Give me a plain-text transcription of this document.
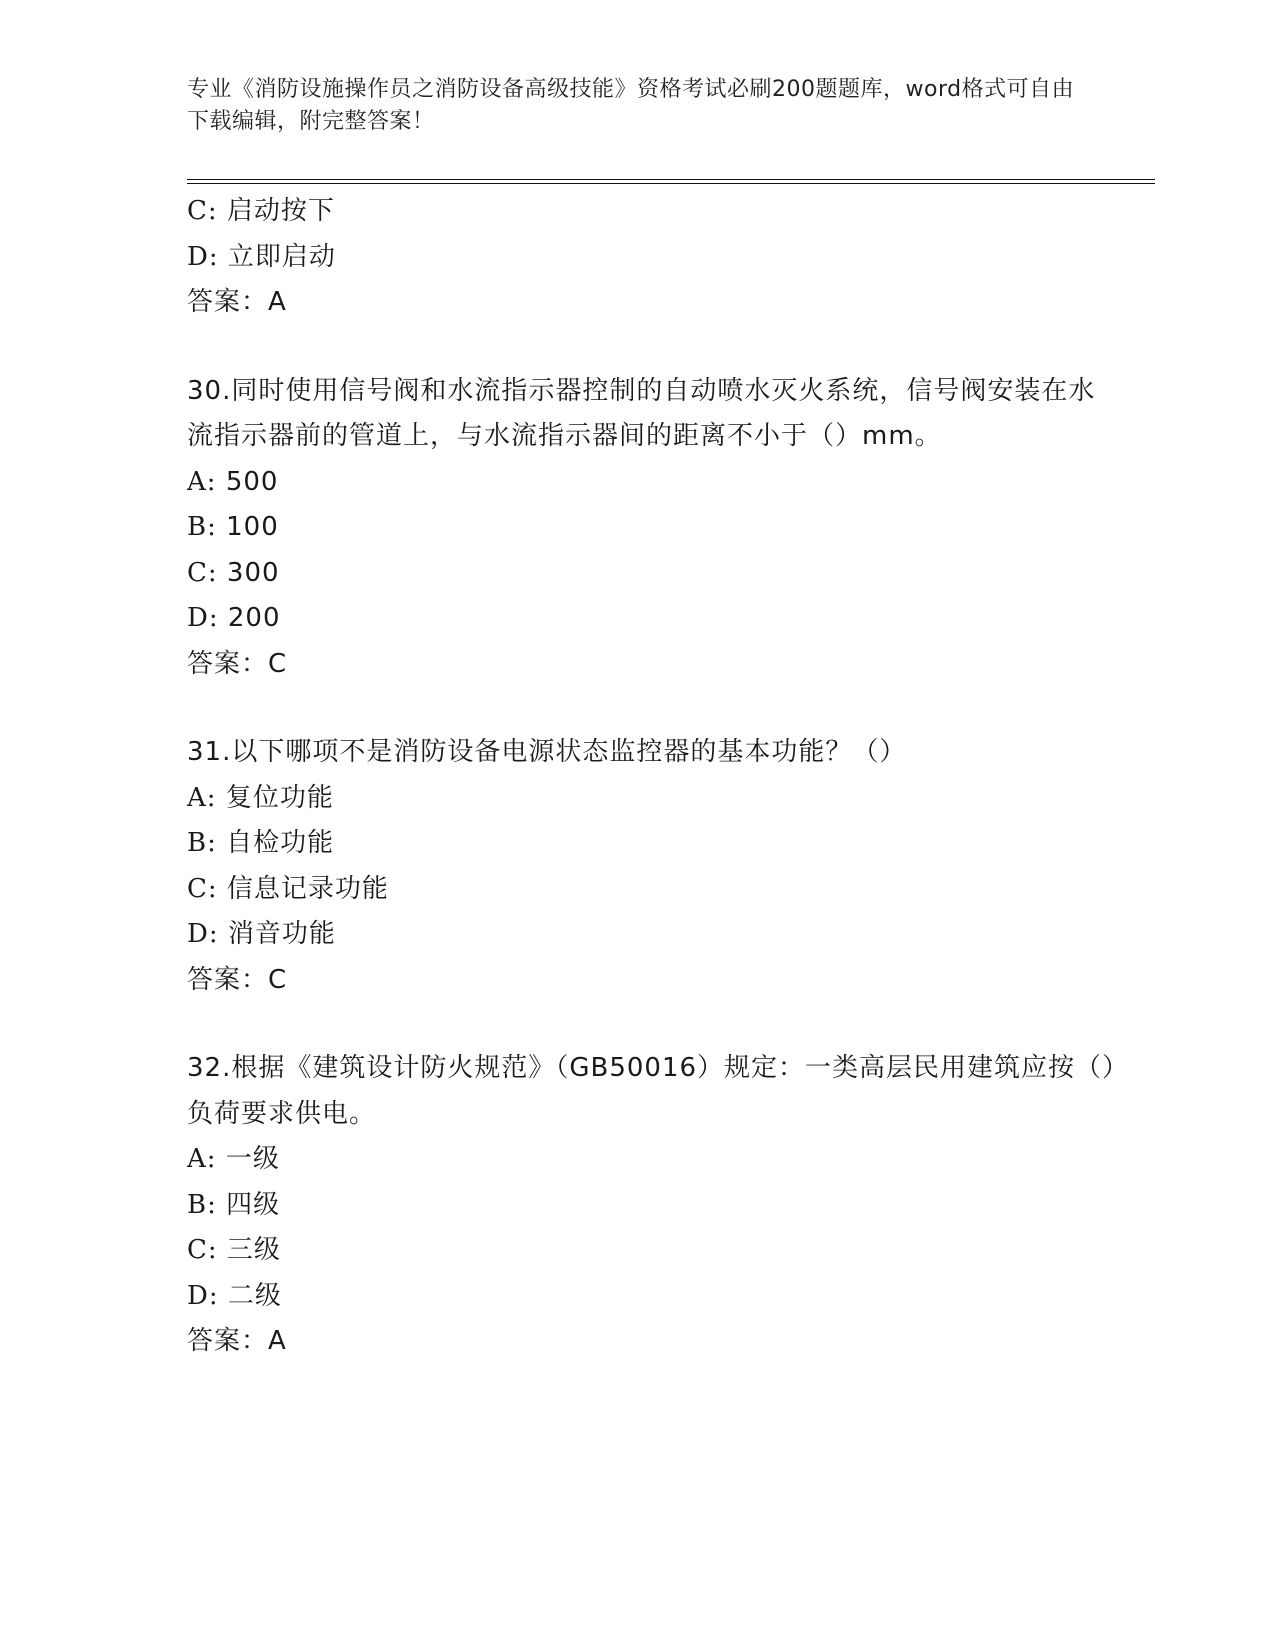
专业《消防设施操作员之消防设备高级技能》资格考试必刷200题题库，word格式可自由下载编辑，附完整答案！
C: 启动按下
D: 立即启动
答案：A
30.同时使用信号阀和水流指示器控制的自动喷水灭火系统，信号阀安装在水流指示器前的管道上，与水流指示器间的距离不小于（）mm。
A: 500
B: 100
C: 300
D: 200
答案：C
31.以下哪项不是消防设备电源状态监控器的基本功能？（）
A: 复位功能
B: 自检功能
C: 信息记录功能
D: 消音功能
答案：C
32.根据《建筑设计防火规范》（GB50016）规定：一类高层民用建筑应按（）负荷要求供电。
A: 一级
B: 四级
C: 三级
D: 二级
答案：A
